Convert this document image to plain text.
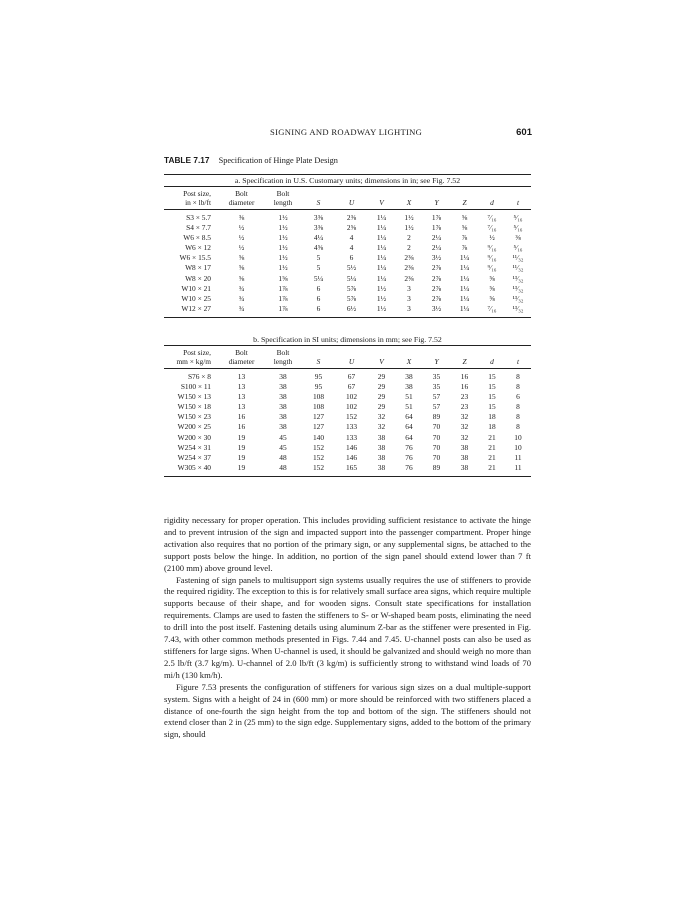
SIGNING AND ROADWAY LIGHTING	601
TABLE 7.17 Specification of Hinge Plate Design
a. Specification in U.S. Customary units; dimensions in in; see Fig. 7.52
Post size,	Bolt	Bolt								
in × lb/ft	diameter	length	S	U	V	X	Y	Z	d	t
S3 × 5.7	⅜	1½	3⅜	2⅜	1¼	1½	1⅞	⅝	⁷⁄₁₆	⁵⁄₁₆
S4 × 7.7	½	1½	3⅜	2⅝	1¼	1½	1⅞	⅝	⁷⁄₁₆	⁵⁄₁₆
W6 × 8.5	½	1½	4¼	4	1¼	2	2¼	⅞	½	⅜
W6 × 12	½	1½	4⅝	4	1¼	2	2¼	⅞	⁹⁄₁₆	⁵⁄₁₆
W6 × 15.5	⅝	1½	5	6	1¼	2⅜	3½	1¼	⁹⁄₁₆	¹¹⁄₃₂
W8 × 17	⅝	1½	5	5½	1¼	2⅜	2⅞	1¼	⁹⁄₁₆	¹¹⁄₃₂
W8 × 20	⅝	1⅝	5¼	5¼	1¼	2⅜	2⅞	1¼	⅝	¹³⁄₃₂
W10 × 21	¾	1⅞	6	5⅞	1½	3	2⅞	1¼	⅝	¹³⁄₃₂
W10 × 25	¾	1⅞	6	5⅞	1½	3	2⅞	1¼	⅝	¹³⁄₃₂
W12 × 27	¾	1⅞	6	6½	1½	3	3½	1¼	⁷⁄₁₆	¹³⁄₃₂
b. Specification in SI units; dimensions in mm; see Fig. 7.52
Post size,	Bolt	Bolt								
mm × kg/m	diameter	length	S	U	V	X	Y	Z	d	t
S76 × 8	13	38	95	67	29	38	35	16	15	8
S100 × 11	13	38	95	67	29	38	35	16	15	8
W150 × 13	13	38	108	102	29	51	57	23	15	6
W150 × 18	13	38	108	102	29	51	57	23	15	8
W150 × 23	16	38	127	152	32	64	89	32	18	8
W200 × 25	16	38	127	133	32	64	70	32	18	8
W200 × 30	19	45	140	133	38	64	70	32	21	10
W254 × 31	19	45	152	146	38	76	70	38	21	10
W254 × 37	19	48	152	146	38	76	70	38	21	11
W305 × 40	19	48	152	165	38	76	89	38	21	11

rigidity necessary for proper operation. This includes providing sufficient resistance to activate the hinge and to prevent intrusion of the sign and impacted support into the passenger compartment. Proper hinge activation also requires that no portion of the primary sign, or any supplemental signs, be attached to the support posts below the hinge. In addition, no portion of the sign panel should extend lower than 7 ft (2100 mm) above ground level.

Fastening of sign panels to multisupport sign systems usually requires the use of stiffeners to provide the required rigidity. The exception to this is for relatively small surface area signs, which require multiple supports because of their shape, and for wooden signs. Consult state specifications for installation requirements. Clamps are used to fasten the stiffeners to S- or W-shaped beam posts, eliminating the need to drill into the post itself. Fastening details using aluminum Z-bar as the stiffener were presented in Fig. 7.43, with other common methods presented in Figs. 7.44 and 7.45. U-channel posts can also be used as stiffeners for large signs. When U-channel is used, it should be galvanized and should weigh no more than 2.5 lb/ft (3.7 kg/m). U-channel of 2.0 lb/ft (3 kg/m) is sufficiently strong to withstand wind loads of 70 mi/h (130 km/h).

Figure 7.53 presents the configuration of stiffeners for various sign sizes on a dual multiple-support system. Signs with a height of 24 in (600 mm) or more should be reinforced with two stiffeners placed a distance of one-fourth the sign height from the top and bottom of the sign. The stiffeners should not extend closer than 2 in (25 mm) to the sign edge. Supplementary signs, added to the bottom of the primary sign, should
